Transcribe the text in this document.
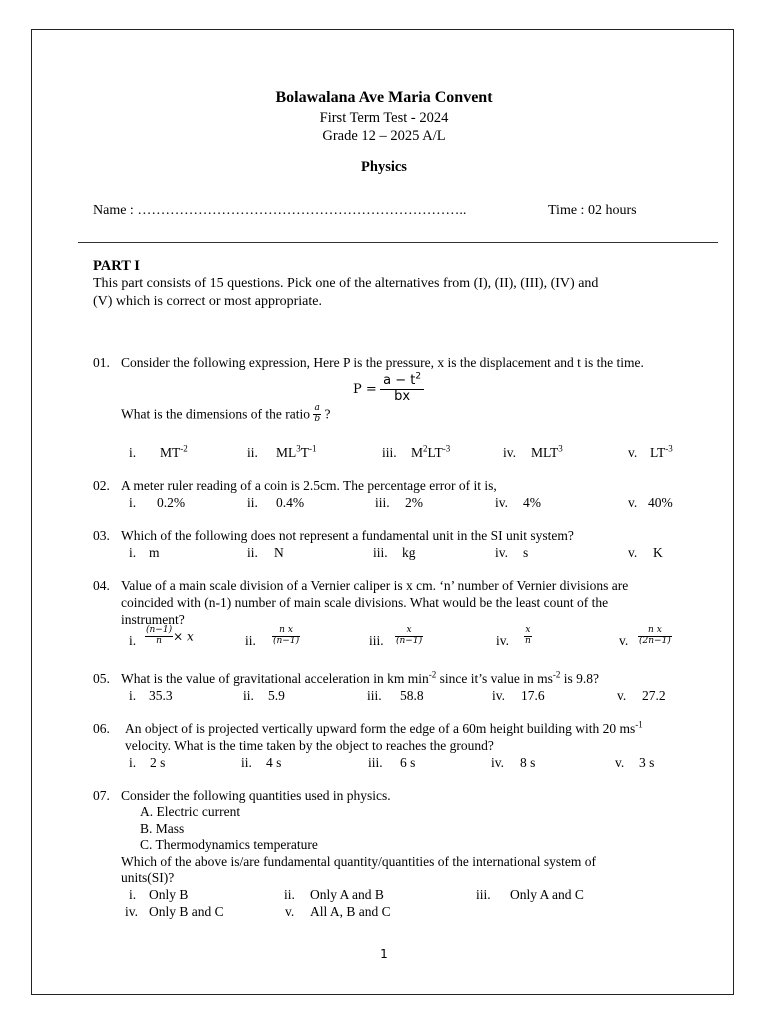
Bolawalana Ave Maria Convent
First Term Test - 2024
Grade 12 – 2025 A/L
Physics
Name : ……………………………………………………………..	Time : 02 hours
PART I
This part consists of 15 questions. Pick one of the alternatives from (I), (II), (III), (IV) and
(V) which is correct or most appropriate.
01. Consider the following expression, Here P is the pressure, x is the displacement and t is the time.
$P = \frac{a - t^2}{bx}$
What is the dimensions of the ratio $\frac{a}{b}$ ?
i. $MT^{-2}$	ii. $ML^3T^{-1}$	iii. $M^2LT^{-3}$	iv. MLT$^3$	v. $LT^{-3}$
02. A meter ruler reading of a coin is 2.5cm. The percentage error of it is,
i. 0.2%	ii. 0.4%	iii. 2%	iv. 4%	v. 40%
03. Which of the following does not represent a fundamental unit in the SI unit system?
i. m	ii. N	iii. kg	iv. s	v. K
04. Value of a main scale division of a Vernier caliper is x cm. ‘n’ number of Vernier divisions are
coincided with (n-1) number of main scale divisions. What would be the least count of the
instrument?
i. $\frac{(n-1)}{n} \times x$	ii. $\frac{\text{n x}}{(n-1)}$	iii. $\frac{x}{(n-1)}$	iv. $\frac{x}{n}$	v. $\frac{\text{n x}}{(2n-1)}$
05. What is the value of gravitational acceleration in km $\min^{-2}$ since it’s value in $ms^{-2}$ is 9.8?
i. 35.3	ii. 5.9	iii. 58.8	iv. 17.6	v. 27.2
06. An object of is projected vertically upward form the edge of a 60m height building with 20 $ms^{-1}$
velocity. What is the time taken by the object to reaches the ground?
i. 2 s	ii. 4 s	iii. 6 s	iv. 8 s	v. 3 s
07. Consider the following quantities used in physics.
A. Electric current
B. Mass
C. Thermodynamics temperature
Which of the above is/are fundamental quantity/quantities of the international system of
units(SI)?
i. Only B	ii. Only A and B	iii. Only A and C
iv. Only B and C	v. All A, B and C
1
